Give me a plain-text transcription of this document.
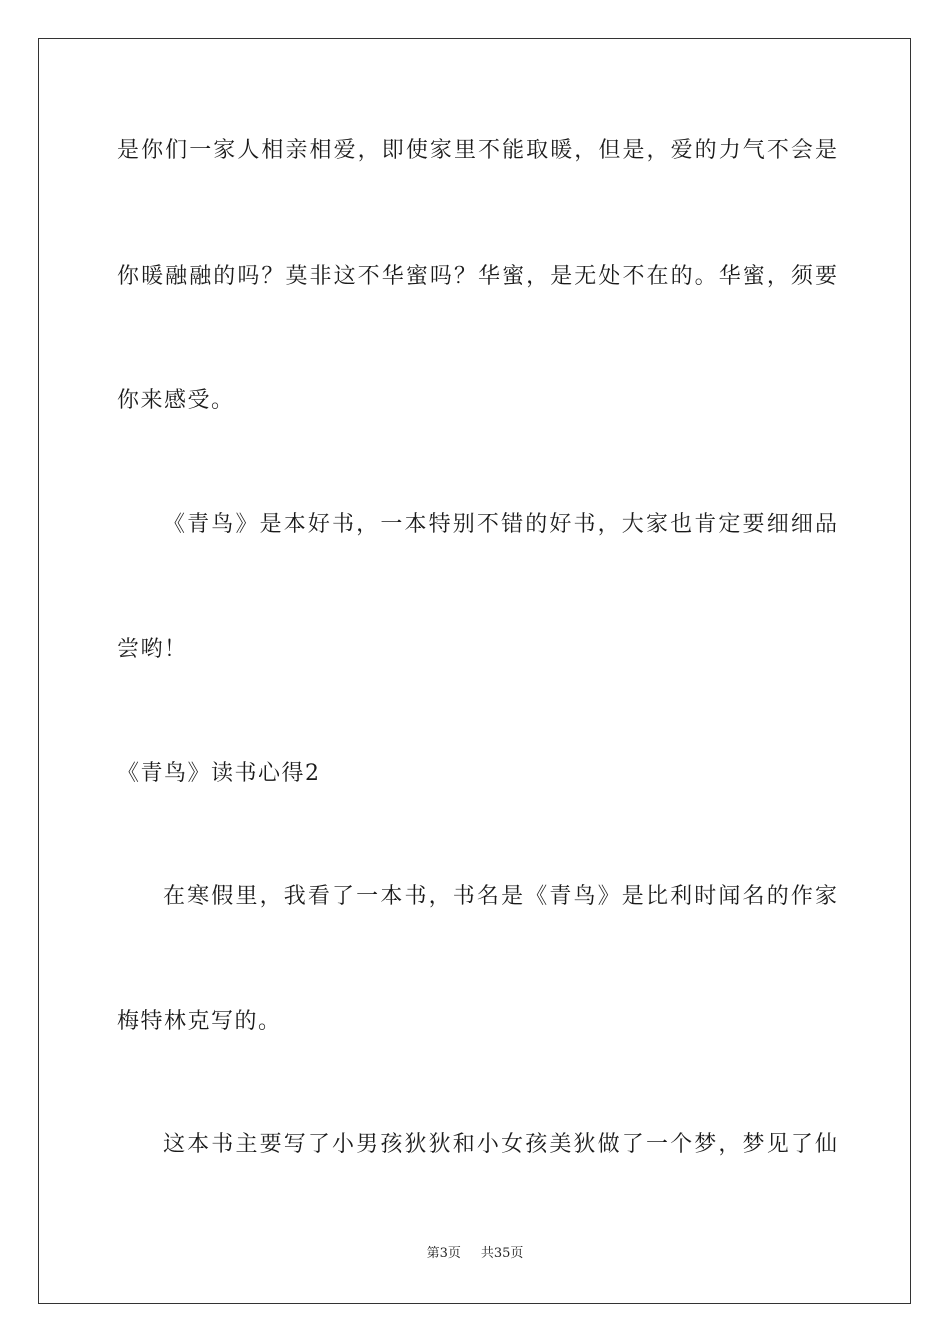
是你们一家人相亲相爱，即使家里不能取暖，但是，爱的力气不会是
你暖融融的吗？莫非这不华蜜吗？华蜜，是无处不在的。华蜜，须要
你来感受。
《青鸟》是本好书，一本特别不错的好书，大家也肯定要细细品
尝哟！
《青鸟》读书心得2
在寒假里，我看了一本书，书名是《青鸟》是比利时闻名的作家
梅特林克写的。
这本书主要写了小男孩狄狄和小女孩美狄做了一个梦，梦见了仙
第3页 共35页
